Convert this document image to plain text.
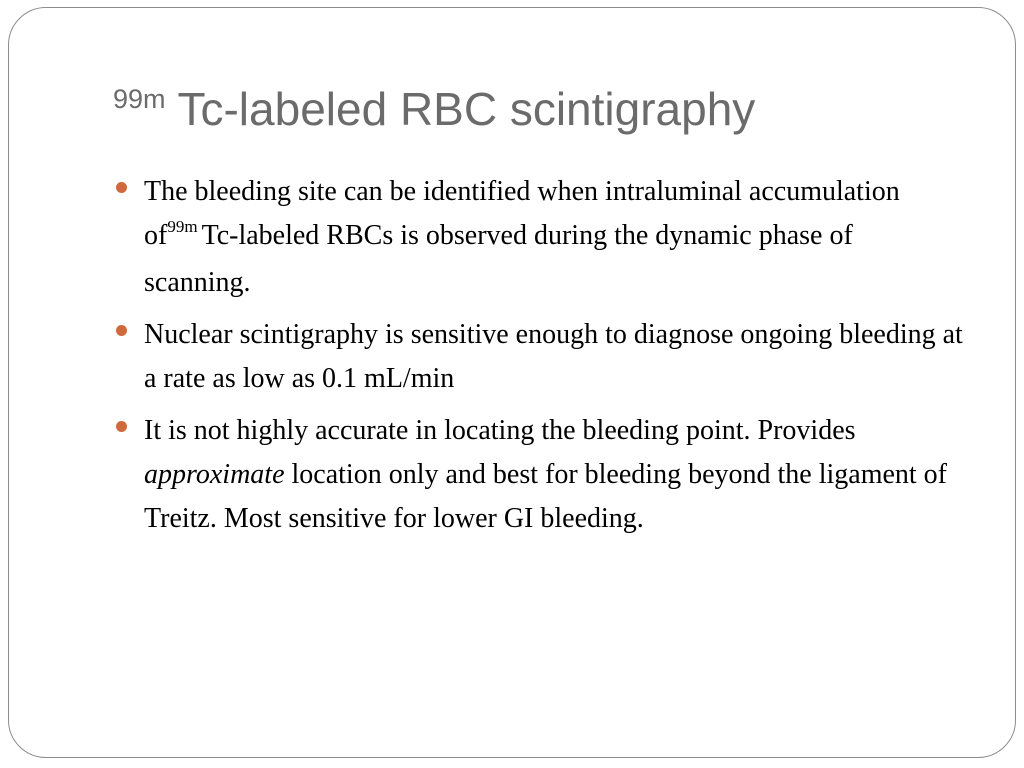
$^{99m}$ Tc-labeled RBC scintigraphy
The bleeding site can be identified when intraluminal accumulation $of^{99m}$ Tc-labeled RBCs is observed during the dynamic phase of scanning.
Nuclear scintigraphy is sensitive enough to diagnose ongoing bleeding at a rate as low as 0.1 mL/min
It is not highly accurate in locating the bleeding point. Provides approximate location only and best for bleeding beyond the ligament of Treitz. Most sensitive for lower GI bleeding.
